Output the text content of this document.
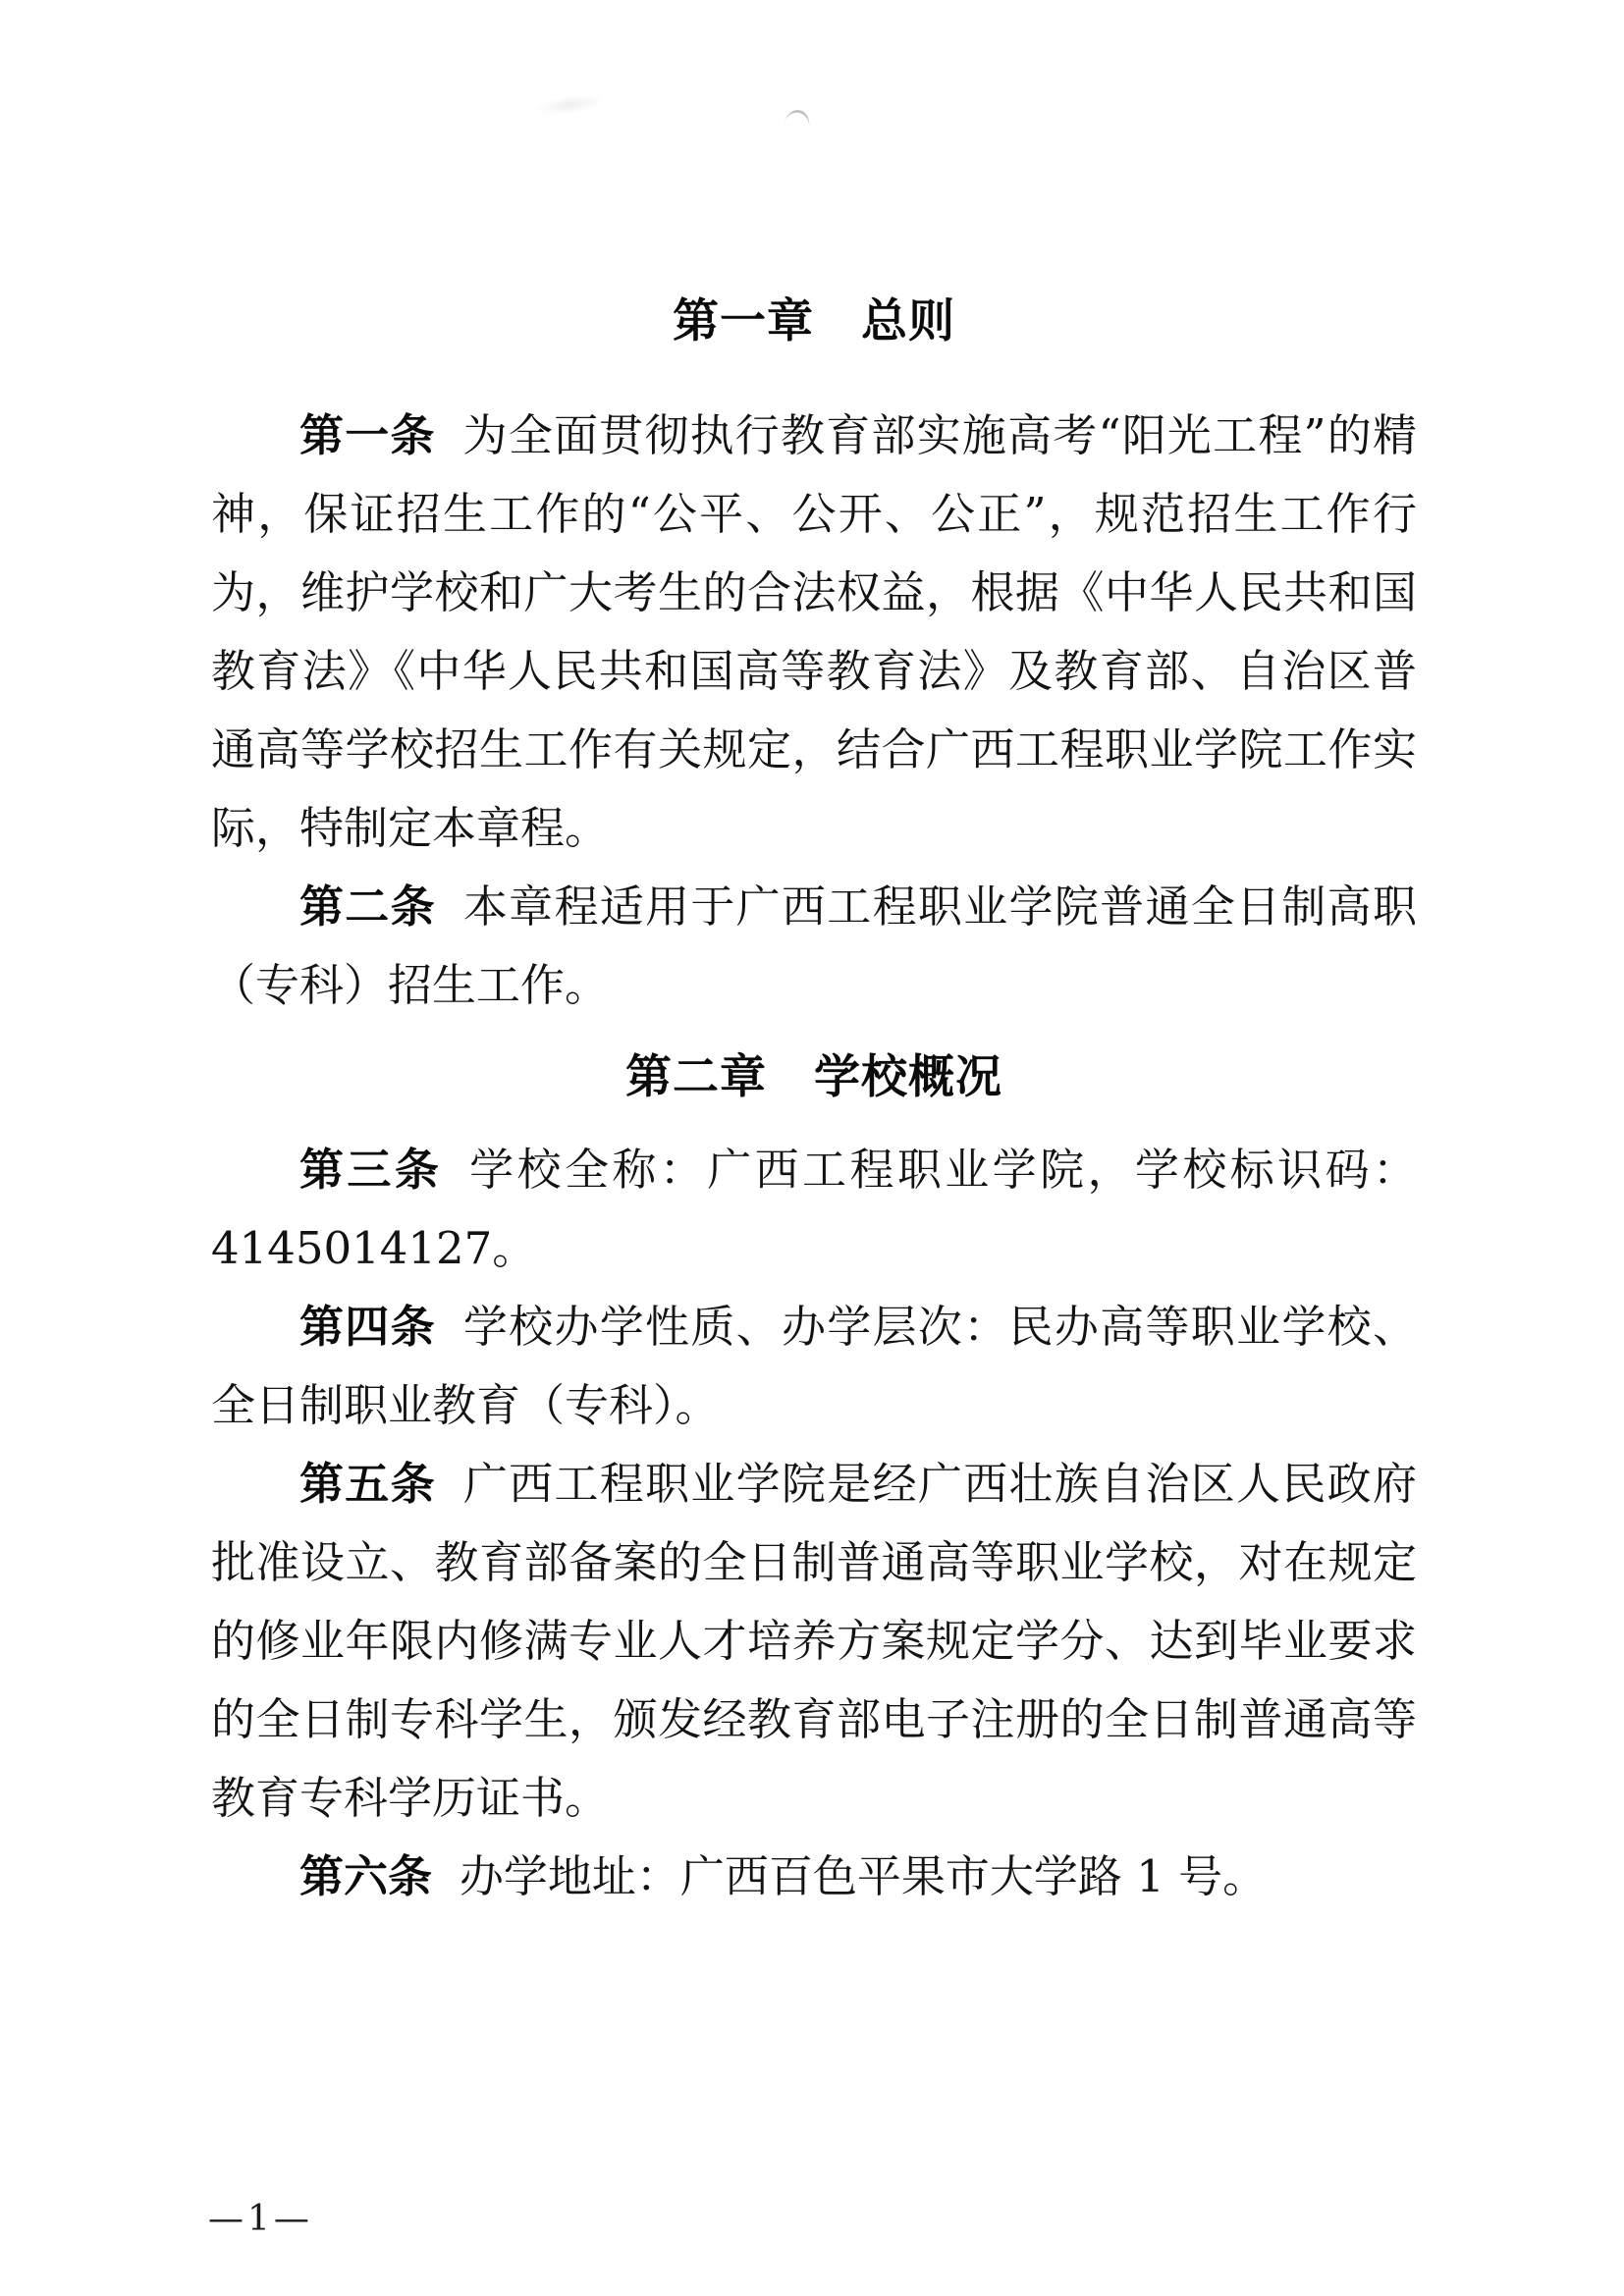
第一章　总则

第一条 为全面贯彻执行教育部实施高考“阳光工程”的精神，保证招生工作的“公平、公开、公正”，规范招生工作行为，维护学校和广大考生的合法权益，根据《中华人民共和国教育法》《中华人民共和国高等教育法》及教育部、自治区普通高等学校招生工作有关规定，结合广西工程职业学院工作实际，特制定本章程。

第二条 本章程适用于广西工程职业学院普通全日制高职（专科）招生工作。

第二章　学校概况

第三条 学校全称：广西工程职业学院，学校标识码：4145014127。

第四条 学校办学性质、办学层次：民办高等职业学校、全日制职业教育（专科）。

第五条 广西工程职业学院是经广西壮族自治区人民政府批准设立、教育部备案的全日制普通高等职业学校，对在规定的修业年限内修满专业人才培养方案规定学分、达到毕业要求的全日制专科学生，颁发经教育部电子注册的全日制普通高等教育专科学历证书。

第六条 办学地址：广西百色平果市大学路 1 号。

—1—
